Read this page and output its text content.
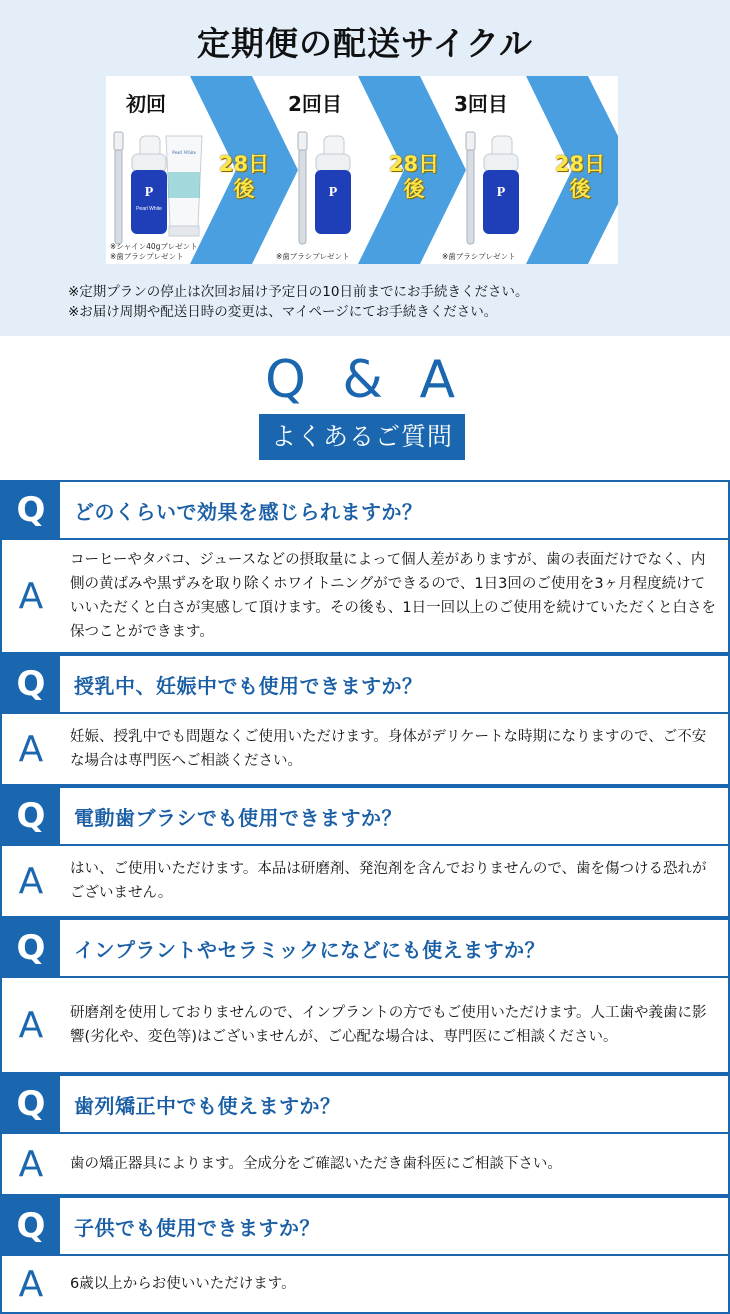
定期便の配送サイクル
P
Pearl White
Pearl White
P	P
初回	2回目	3回目
28日
後
28日
後
28日
後
※シャイン40gプレゼント
※歯ブラシプレゼント	※歯ブラシプレゼント	※歯ブラシプレゼント
※定期プランの停止は次回お届け予定日の10日前までにお手続きください。
※お届け周期や配送日時の変更は、マイページにてお手続きください。
Q & A
よくあるご質問
Q	どのくらいで効果を感じられますか？
A
コーヒーやタバコ、ジュースなどの摂取量によって個人差がありますが、歯の表面だけでなく、内側の黄ばみや黒ずみを取り除くホワイトニングができるので、1日3回のご使用を3ヶ月程度続けていいただくと白さが実感して頂けます。その後も、1日一回以上のご使用を続けていただくと白さを保つことができます。
Q	授乳中、妊娠中でも使用できますか？
A	妊娠、授乳中でも問題なくご使用いただけます。身体がデリケートな時期になりますので、ご不安な場合は専門医へご相談ください。
Q	電動歯ブラシでも使用できますか？
A	はい、ご使用いただけます。本品は研磨剤、発泡剤を含んでおりませんので、歯を傷つける恐れがございません。
Q	インプラントやセラミックになどにも使えますか？
A	研磨剤を使用しておりませんので、インプラントの方でもご使用いただけます。人工歯や義歯に影響(劣化や、変色等)はございませんが、ご心配な場合は、専門医にご相談ください。
Q	歯列矯正中でも使えますか？
A	歯の矯正器具によります。全成分をご確認いただき歯科医にご相談下さい。
Q	子供でも使用できますか？
A	6歳以上からお使いいただけます。
